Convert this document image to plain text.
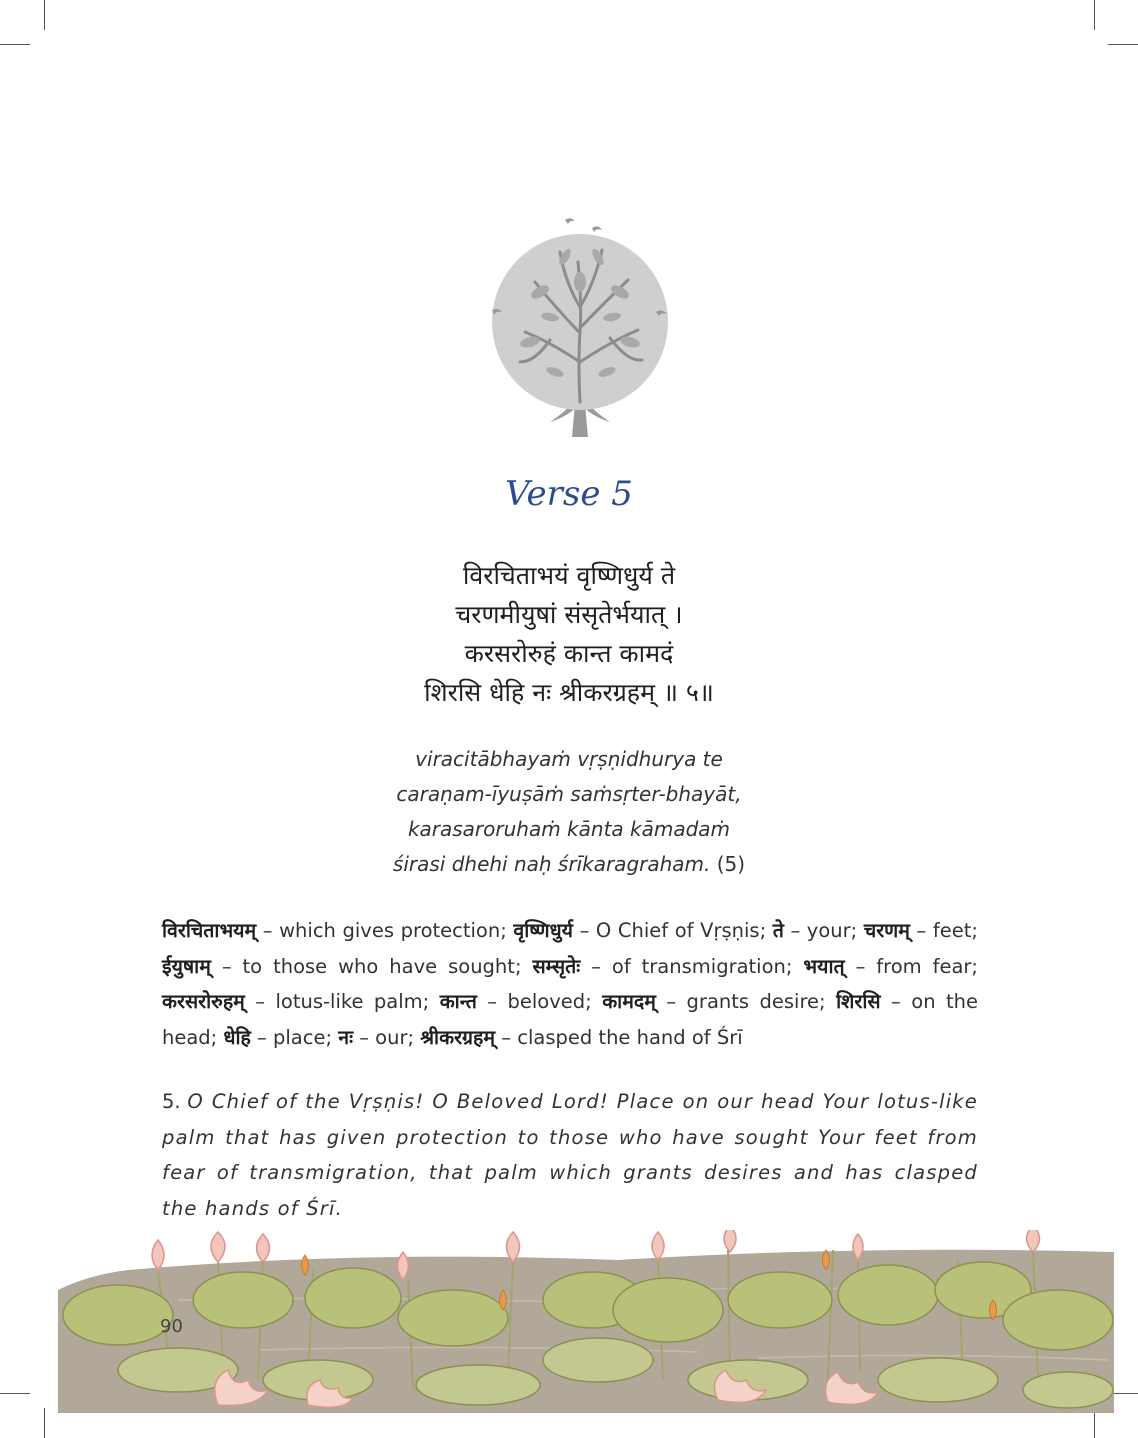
Verse 5
विरचिताभयं वृष्णिधुर्य ते
चरणमीयुषां संसृतेर्भयात् ।
करसरोरुहं कान्त कामदं
शिरसि धेहि नः श्रीकरग्रहम् ॥ ५॥
viracitābhayaṁ vṛṣṇidhurya te
caraṇam-īyuṣāṁ saṁsṛter-bhayāt,
karasaroruhaṁ kānta kāmadaṁ
śirasi dhehi naḥ śrīkaragraham. (5)
विरचिताभयम् – which gives protection; वृष्णिधुर्य – O Chief of Vṛṣṇis; ते – your; चरणम् – feet; ईयुषाम् – to those who have sought; सम्सृतेः – of transmigration; भयात् – from fear; करसरोरुहम् – lotus-like palm; कान्त – beloved; कामदम् – grants desire; शिरसि – on the head; धेहि – place; नः – our; श्रीकरग्रहम् – clasped the hand of Śrī
5. O Chief of the Vṛṣṇis! O Beloved Lord! Place on our head Your lotus-like palm that has given protection to those who have sought Your feet from fear of transmigration, that palm which grants desires and has clasped the hands of Śrī.
90
